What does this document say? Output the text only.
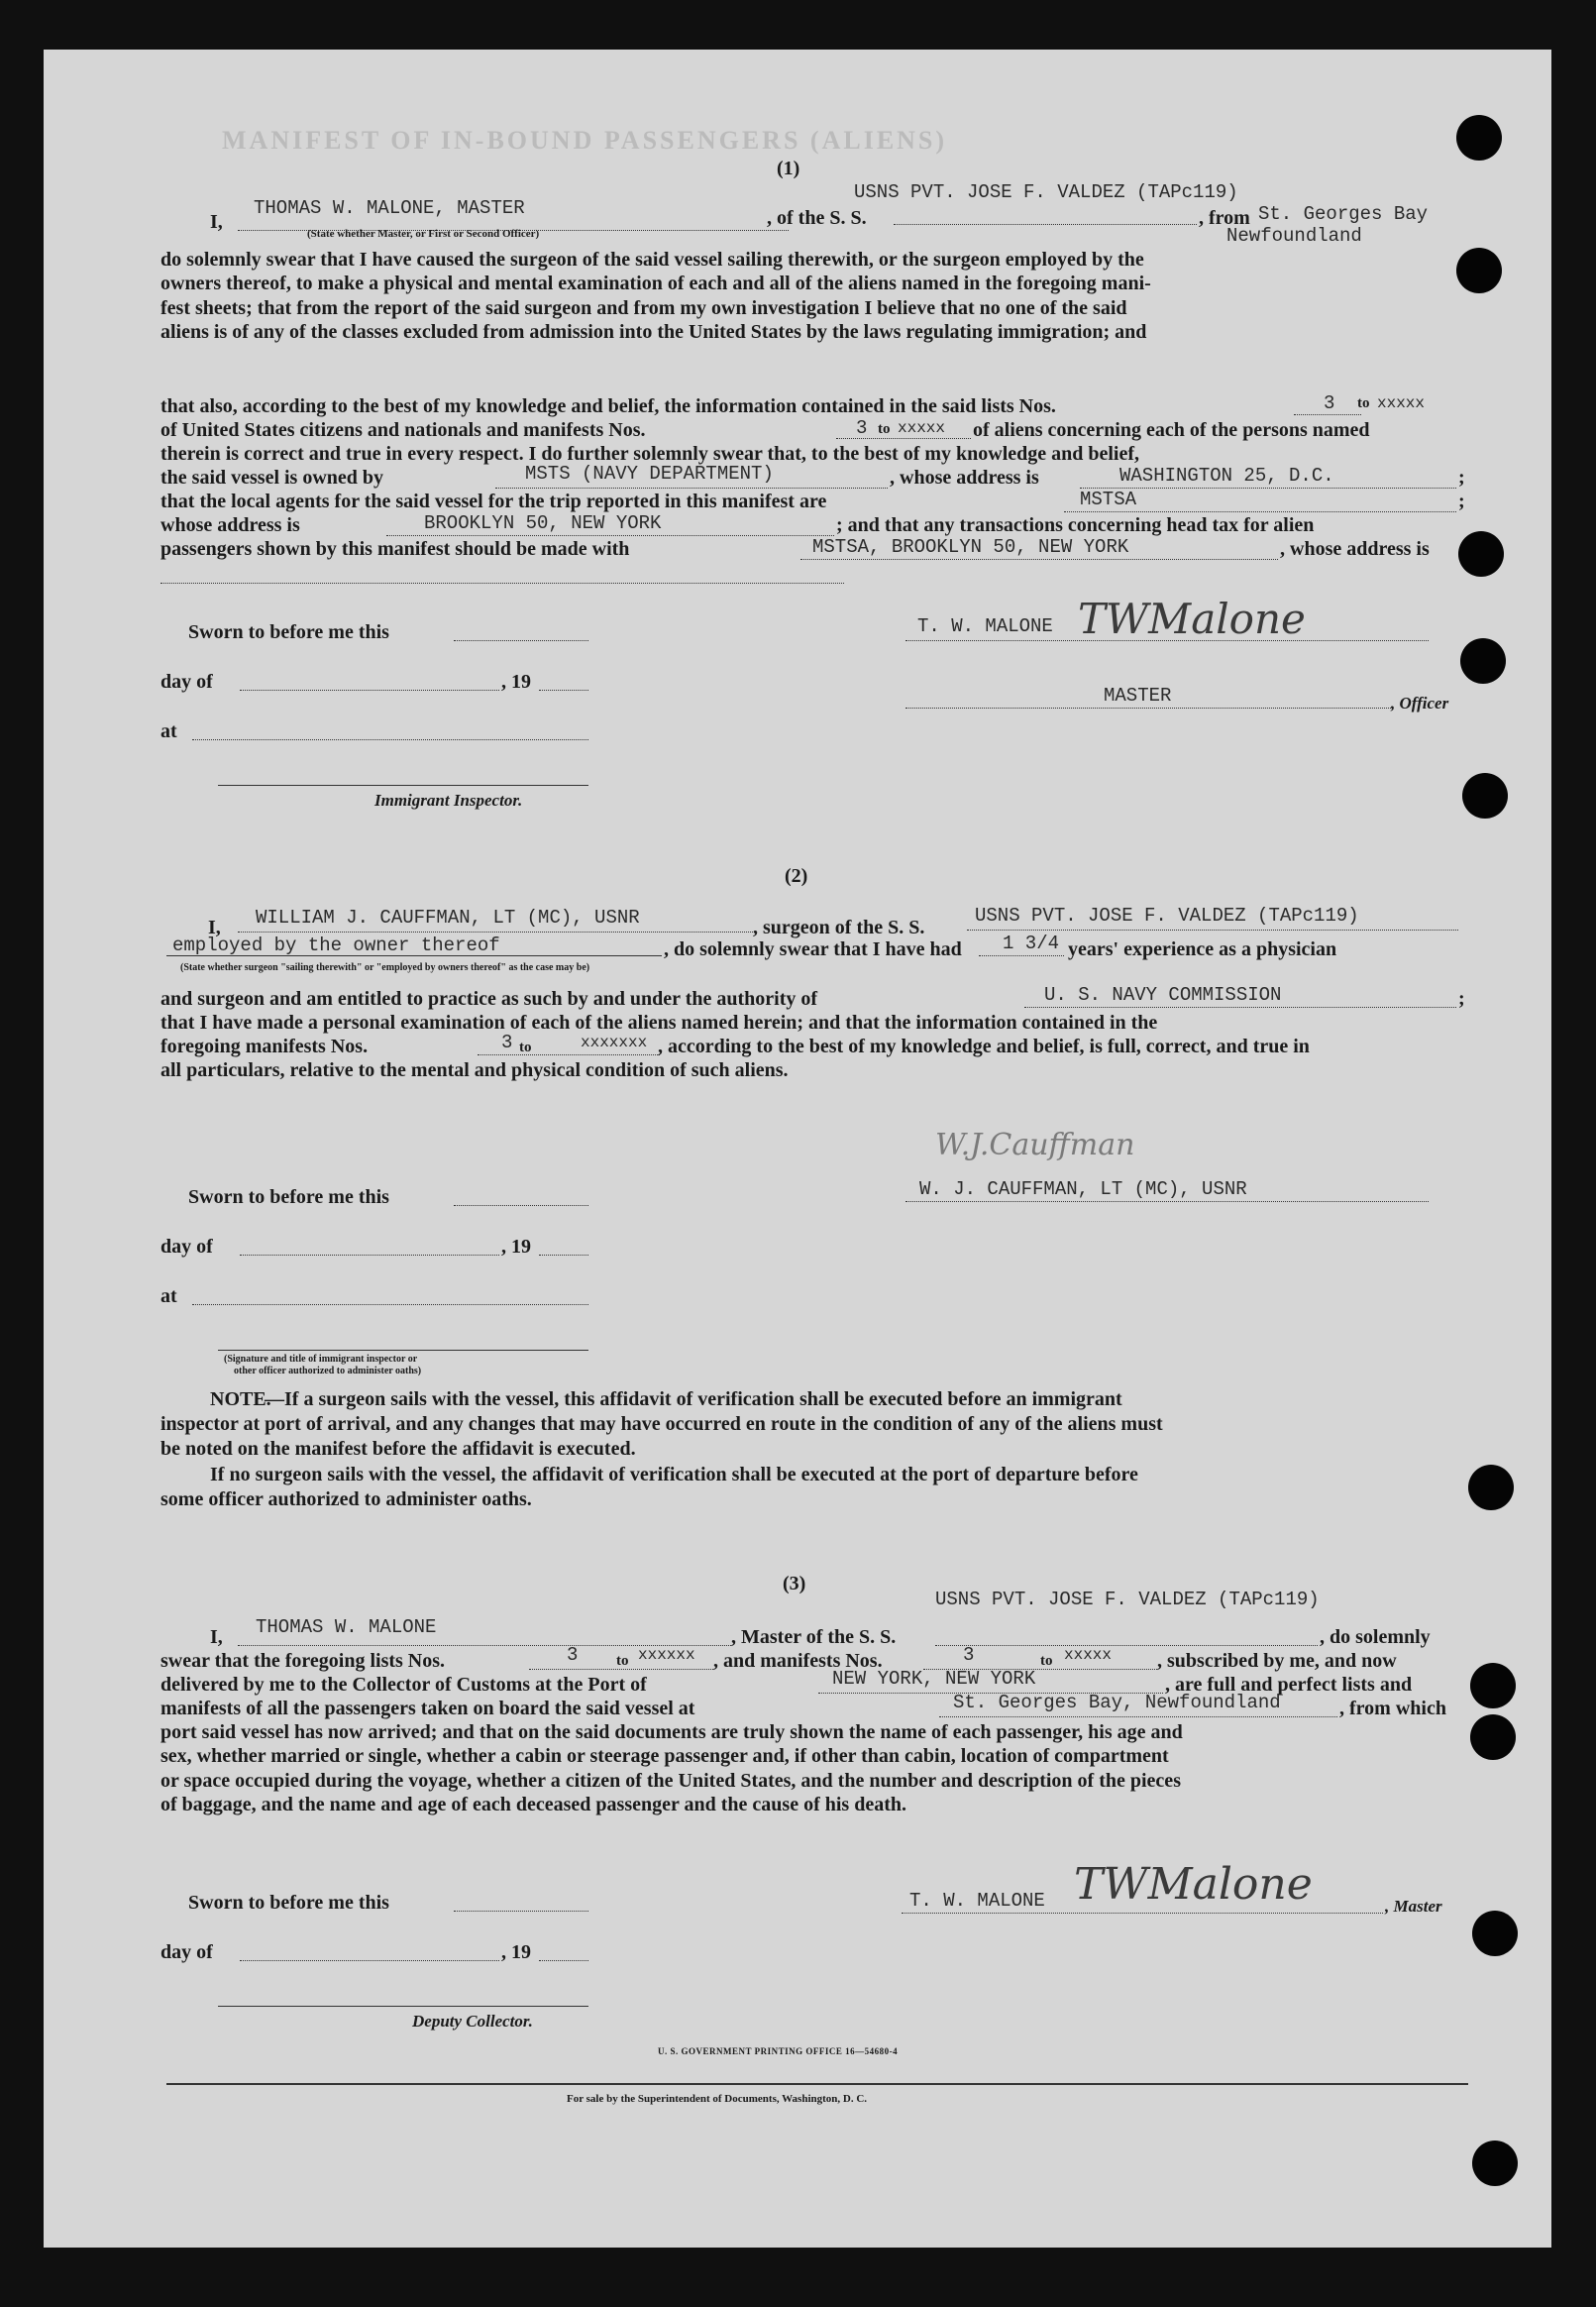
MANIFEST OF IN-BOUND PASSENGERS (ALIENS)
(1)
I,
THOMAS W. MALONE, MASTER
(State whether Master, or First or Second Officer)
, of the S. S.
USNS PVT. JOSE F. VALDEZ (TAPc119)
, from St. Georges Bay
Newfoundland
do solemnly swear that I have caused the surgeon of the said vessel sailing therewith, or the surgeon employed by the
owners thereof, to make a physical and mental examination of each and all of the aliens named in the foregoing mani-
fest sheets; that from the report of the said surgeon and from my own investigation I believe that no one of the said
aliens is of any of the classes excluded from admission into the United States by the laws regulating immigration; and
that also, according to the best of my knowledge and belief, the information contained in the said lists Nos.	3 to xxxxx
of United States citizens and nationals and manifests Nos.	3 to xxxxx of aliens concerning each of the persons named
therein is correct and true in every respect. I do further solemnly swear that, to the best of my knowledge and belief,
the said vessel is owned by	MSTS (NAVY DEPARTMENT)	, whose address is	WASHINGTON 25, D.C.	;
that the local agents for the said vessel for the trip reported in this manifest are	MSTSA	;
whose address is	BROOKLYN 50, NEW YORK	; and that any transactions concerning head tax for alien
passengers shown by this manifest should be made with	MSTSA, BROOKLYN 50, NEW YORK	, whose address is
Sworn to before me this
day of	, 19
at
Immigrant Inspector.
T. W. MALONE TWMalone
MASTER	, Officer
(2)
I, WILLIAM J. CAUFFMAN, LT (MC), USNR	, surgeon of the S. S.
USNS PVT. JOSE F. VALDEZ (TAPc119)
employed by the owner thereof	, do solemnly swear that I have had 1 3/4 years' experience as a physician
(State whether surgeon "sailing therewith" or "employed by owners thereof" as the case may be)
and surgeon and am entitled to practice as such by and under the authority of	U. S. NAVY COMMISSION	;
that I have made a personal examination of each of the aliens named herein; and that the information contained in the
foregoing manifests Nos.	3 to	xxxxxxx , according to the best of my knowledge and belief, is full, correct, and true in
all particulars, relative to the mental and physical condition of such aliens.
Sworn to before me this
day of	, 19
at
(Signature and title of immigrant inspector or
other officer authorized to administer oaths)
W.J.Cauffman
W. J. CAUFFMAN, LT (MC), USNR
NOTE.
—If a surgeon sails with the vessel, this affidavit of verification shall be executed before an immigrant
inspector at port of arrival, and any changes that may have occurred en route in the condition of any of the aliens must
be noted on the manifest before the affidavit is executed.
If no surgeon sails with the vessel, the affidavit of verification shall be executed at the port of departure before
some officer authorized to administer oaths.
(3)
USNS PVT. JOSE F. VALDEZ (TAPc119)
I, THOMAS W. MALONE	, Master of the S. S.	, do solemnly
swear that the foregoing lists Nos.	3	to xxxxxx , and manifests Nos.	3	to xxxxx , subscribed by me, and now
delivered by me to the Collector of Customs at the Port of	NEW YORK, NEW YORK	, are full and perfect lists and
manifests of all the passengers taken on board the said vessel at	St. Georges Bay, Newfoundland	, from which
port said vessel has now arrived; and that on the said documents are truly shown the name of each passenger, his age and
sex, whether married or single, whether a cabin or steerage passenger and, if other than cabin, location of compartment
or space occupied during the voyage, whether a citizen of the United States, and the number and description of the pieces
of baggage, and the name and age of each deceased passenger and the cause of his death.
Sworn to before me this
day of	, 19
Deputy Collector.
T. W. MALONE TWMalone	, Master
U. S. GOVERNMENT PRINTING OFFICE 16—54680-4
For sale by the Superintendent of Documents, Washington, D. C.
